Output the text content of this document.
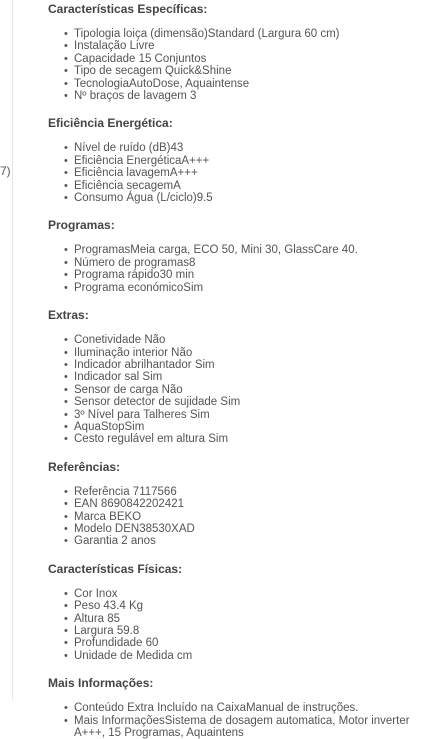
7)

Características Específicas:

• Tipologia loiça (dimensão)Standard (Largura 60 cm)
• Instalação Livre
• Capacidade 15 Conjuntos
• Tipo de secagem Quick&Shine
• TecnologiaAutoDose, Aquaintense
• Nº braços de lavagem 3

Eficiência Energética:

• Nível de ruído (dB)43
• Eficiência EnergéticaA+++
• Eficiência lavagemA+++
• Eficiência secagemA
• Consumo Água (L/ciclo)9.5

Programas:

• ProgramasMeia carga, ECO 50, Mini 30, GlassCare 40.
• Número de programas8
• Programa rápido30 min
• Programa económicoSim

Extras:

• Conetividade Não
• Iluminação interior Não
• Indicador abrilhantador Sim
• Indicador sal Sim
• Sensor de carga Não
• Sensor detector de sujidade Sim
• 3º Nível para Talheres Sim
• AquaStopSim
• Cesto regulável em altura Sim

Referências:

• Referência 7117566
• EAN 8690842202421
• Marca BEKO
• Modelo DEN38530XAD
• Garantia 2 anos

Características Físicas:

• Cor Inox
• Peso 43.4 Kg
• Altura 85
• Largura 59.8
• Profundidade 60
• Unidade de Medida cm

Mais Informações:

• Conteúdo Extra Incluído na CaixaManual de instruções.
• Mais InformaçõesSistema de dosagem automatica, Motor inverter A+++, 15 Programas, Aquaintens
